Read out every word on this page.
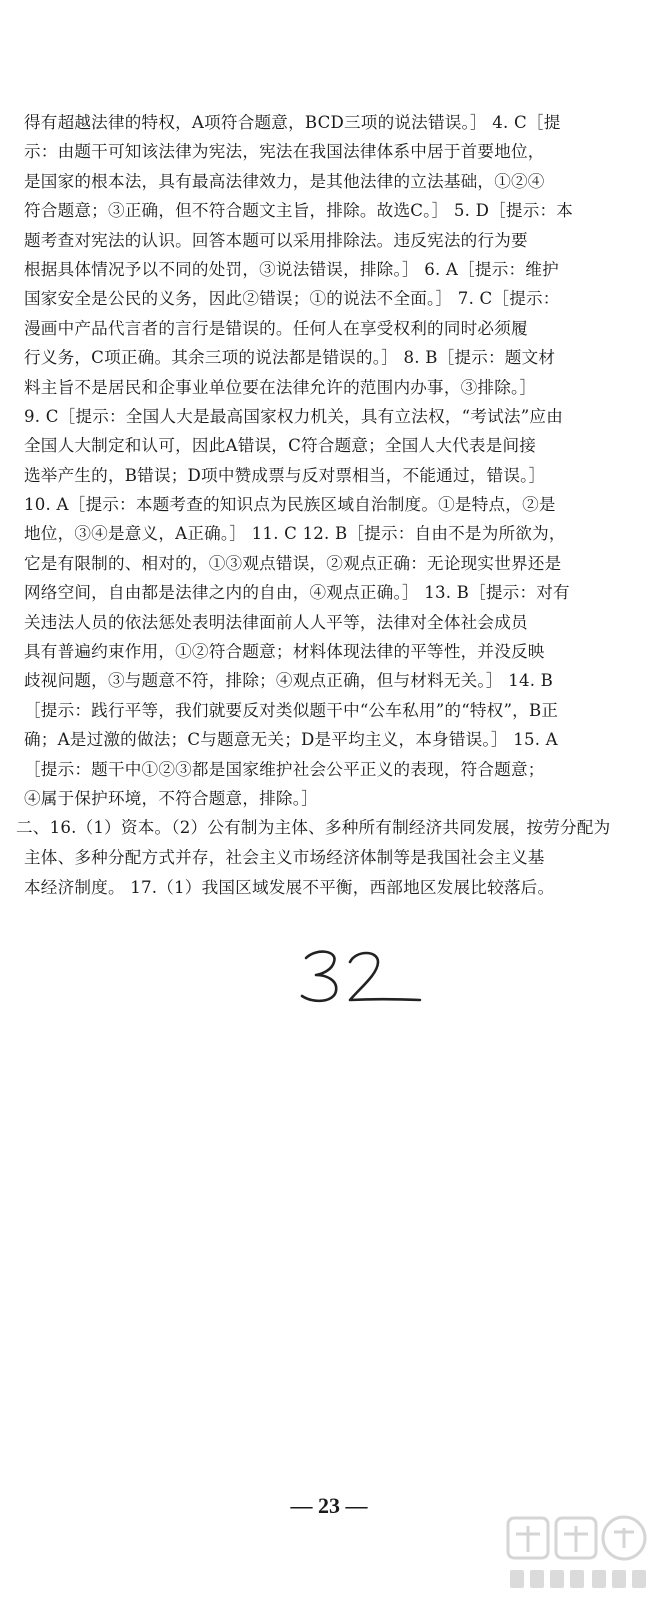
得有超越法律的特权，A项符合题意，BCD三项的说法错误。］ 4. C［提
示：由题干可知该法律为宪法，宪法在我国法律体系中居于首要地位，
是国家的根本法，具有最高法律效力，是其他法律的立法基础，①②④
符合题意；③正确，但不符合题文主旨，排除。故选C。］ 5. D［提示：本
题考查对宪法的认识。回答本题可以采用排除法。违反宪法的行为要
根据具体情况予以不同的处罚，③说法错误，排除。］ 6. A［提示：维护
国家安全是公民的义务，因此②错误；①的说法不全面。］ 7. C［提示：
漫画中产品代言者的言行是错误的。任何人在享受权利的同时必须履
行义务，C项正确。其余三项的说法都是错误的。］ 8. B［提示：题文材
料主旨不是居民和企事业单位要在法律允许的范围内办事，③排除。］
9. C［提示：全国人大是最高国家权力机关，具有立法权，“考试法”应由
全国人大制定和认可，因此A错误，C符合题意；全国人大代表是间接
选举产生的，B错误；D项中赞成票与反对票相当，不能通过，错误。］
10. A［提示：本题考查的知识点为民族区域自治制度。①是特点，②是
地位，③④是意义，A正确。］ 11. C 12. B［提示：自由不是为所欲为，
它是有限制的、相对的，①③观点错误，②观点正确：无论现实世界还是
网络空间，自由都是法律之内的自由，④观点正确。］ 13. B［提示：对有
关违法人员的依法惩处表明法律面前人人平等，法律对全体社会成员
具有普遍约束作用，①②符合题意；材料体现法律的平等性，并没反映
歧视问题，③与题意不符，排除；④观点正确，但与材料无关。］ 14. B
［提示：践行平等，我们就要反对类似题干中“公车私用”的“特权”，B正
确；A是过激的做法；C与题意无关；D是平均主义，本身错误。］ 15. A
［提示：题干中①②③都是国家维护社会公平正义的表现，符合题意；
④属于保护环境，不符合题意，排除。］
二、16.（1）资本。（2）公有制为主体、多种所有制经济共同发展，按劳分配为
主体、多种分配方式并存，社会主义市场经济体制等是我国社会主义基
本经济制度。 17.（1）我国区域发展不平衡，西部地区发展比较落后。
— 23 —
